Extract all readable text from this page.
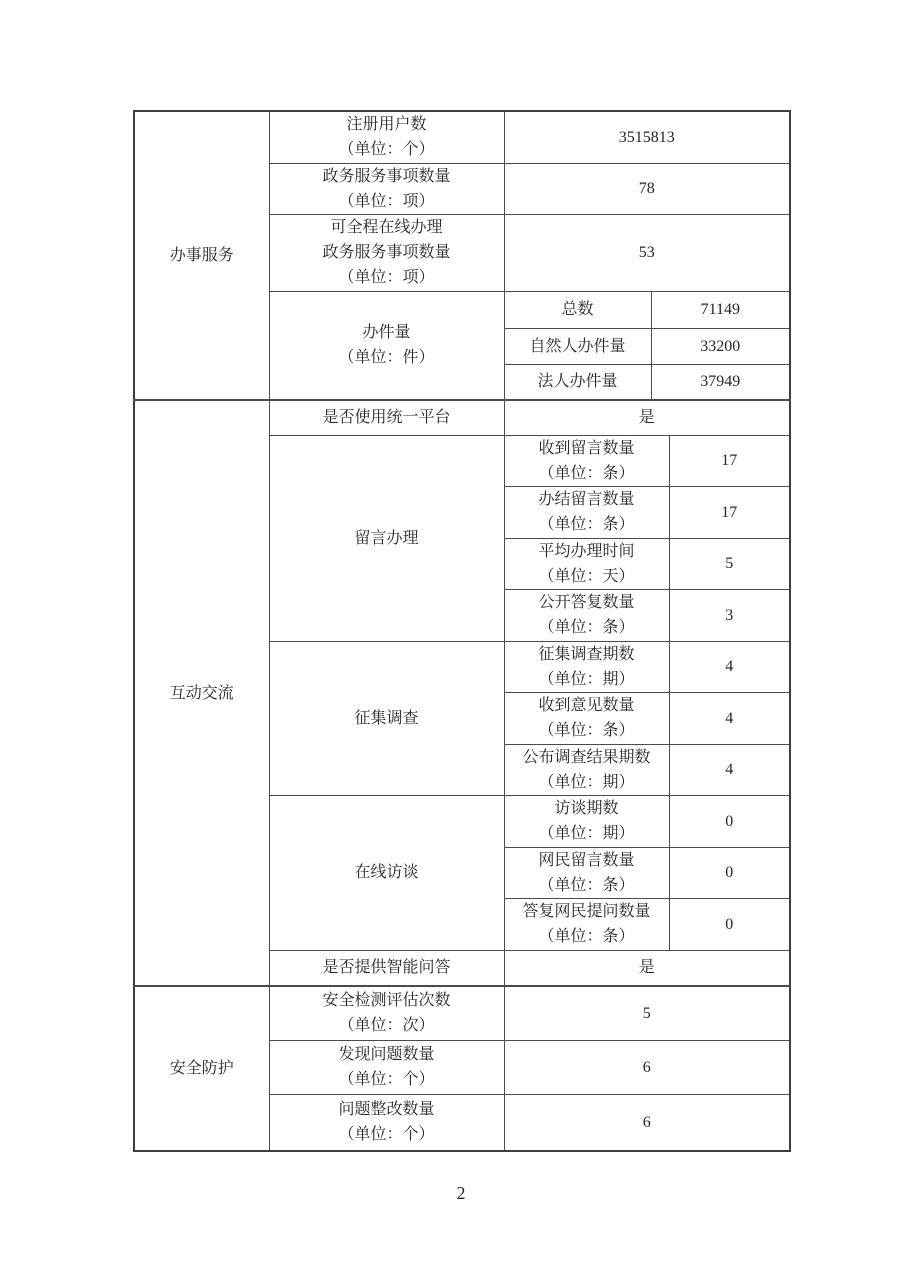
办事服务	注册用户数
（单位：个）	3515813		

	政务服务事项数量
（单位：项）	78		

	可全程在线办理
政务服务事项数量
（单位：项）	53		

	办件量
（单位：件）	总数	71149	
		自然人办件量	33200	
		法人办件量	37949	

互动交流	是否使用统一平台	是		
	留言办理	收到留言数量
（单位：条）		17

		办结留言数量
（单位：条）		17

		平均办理时间
（单位：天）		5

		公开答复数量
（单位：条）		3
	征集调查	征集调查期数
（单位：期）		4

		收到意见数量
（单位：条）		4

		公布调查结果期数
（单位：期）		4
	在线访谈	访谈期数
（单位：期）		0

		网民留言数量
（单位：条）		0

		答复网民提问数量
（单位：条）		0
	是否提供智能问答	是		

安全防护	安全检测评估次数
（单位：次）	5		

	发现问题数量
（单位：个）	6		

	问题整改数量
（单位：个）	6		
2
